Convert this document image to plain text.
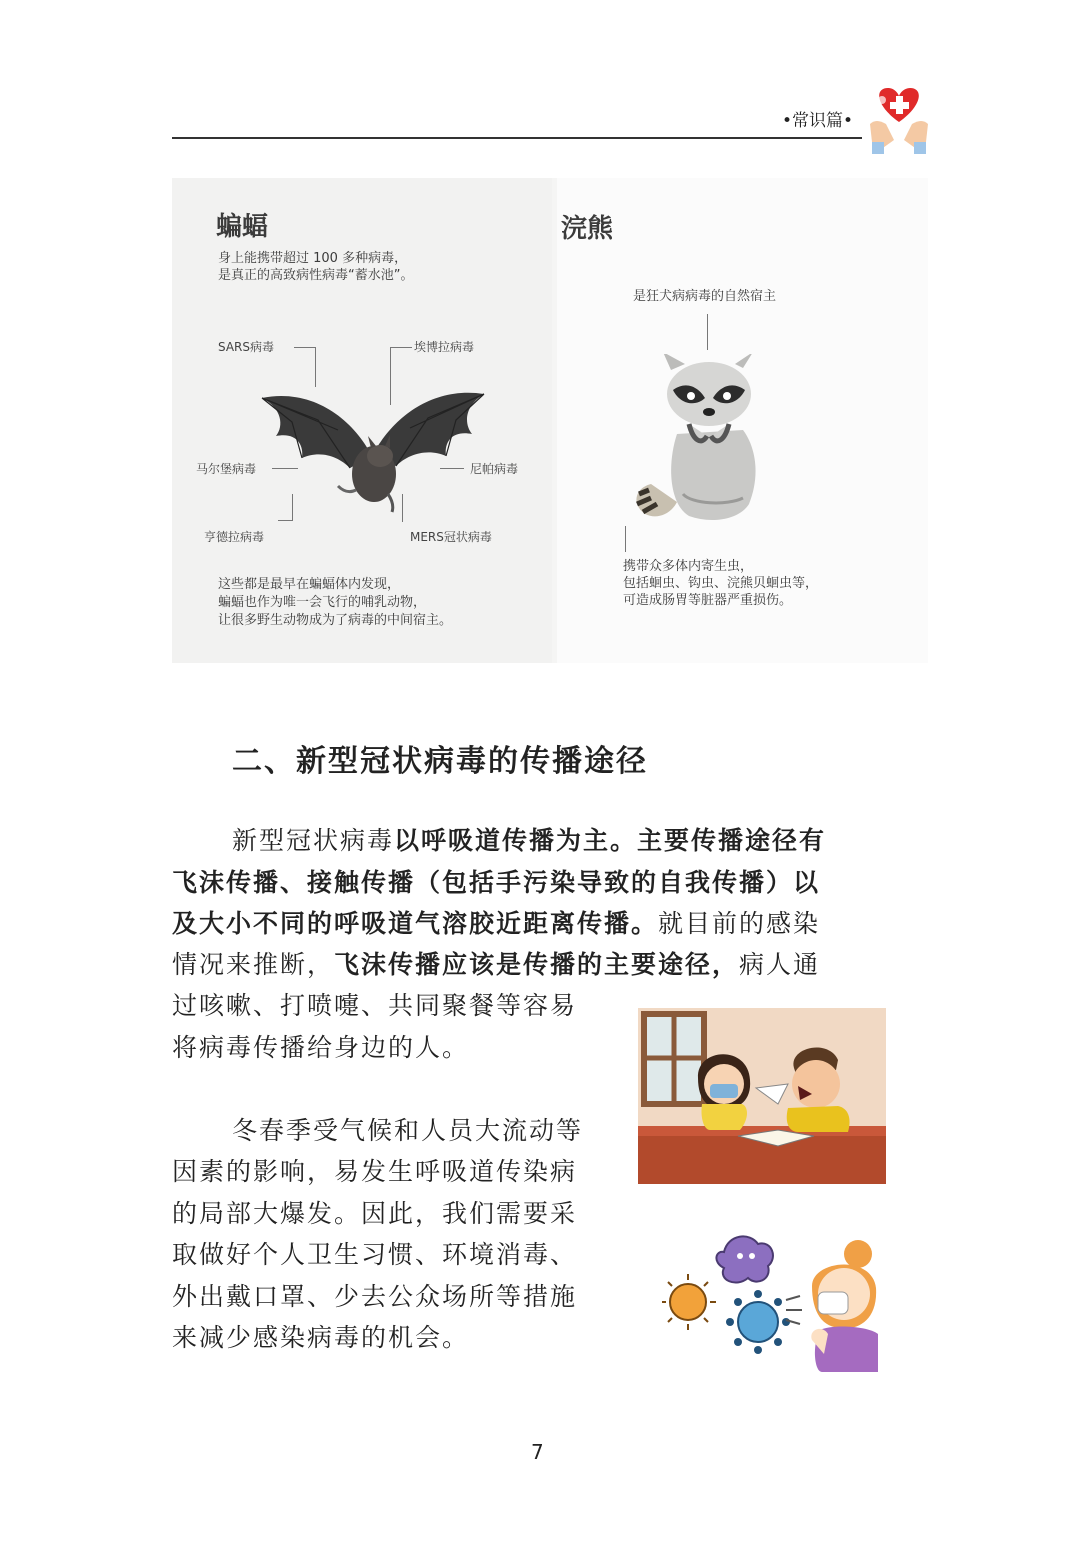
•常识篇•
蝙蝠
身上能携带超过 100 多种病毒，
是真正的高致病性病毒“蓄水池”。
SARS病毒	埃博拉病毒
马尔堡病毒	尼帕病毒
亨德拉病毒	MERS冠状病毒
这些都是最早在蝙蝠体内发现，
蝙蝠也作为唯一会飞行的哺乳动物，
让很多野生动物成为了病毒的中间宿主。
浣熊
是狂犬病病毒的自然宿主
携带众多体内寄生虫，
包括蛔虫、钩虫、浣熊贝蛔虫等，
可造成肠胃等脏器严重损伤。
二、新型冠状病毒的传播途径
新型冠状病毒以呼吸道传播为主。主要传播途径有
飞沫传播、接触传播（包括手污染导致的自我传播）以
及大小不同的呼吸道气溶胶近距离传播。就目前的感染
情况来推断，飞沫传播应该是传播的主要途径，病人通
过咳嗽、打喷嚏、共同聚餐等容易
将病毒传播给身边的人。
冬春季受气候和人员大流动等
因素的影响，易发生呼吸道传染病
的局部大爆发。因此，我们需要采
取做好个人卫生习惯、环境消毒、
外出戴口罩、少去公众场所等措施
来减少感染病毒的机会。
7
